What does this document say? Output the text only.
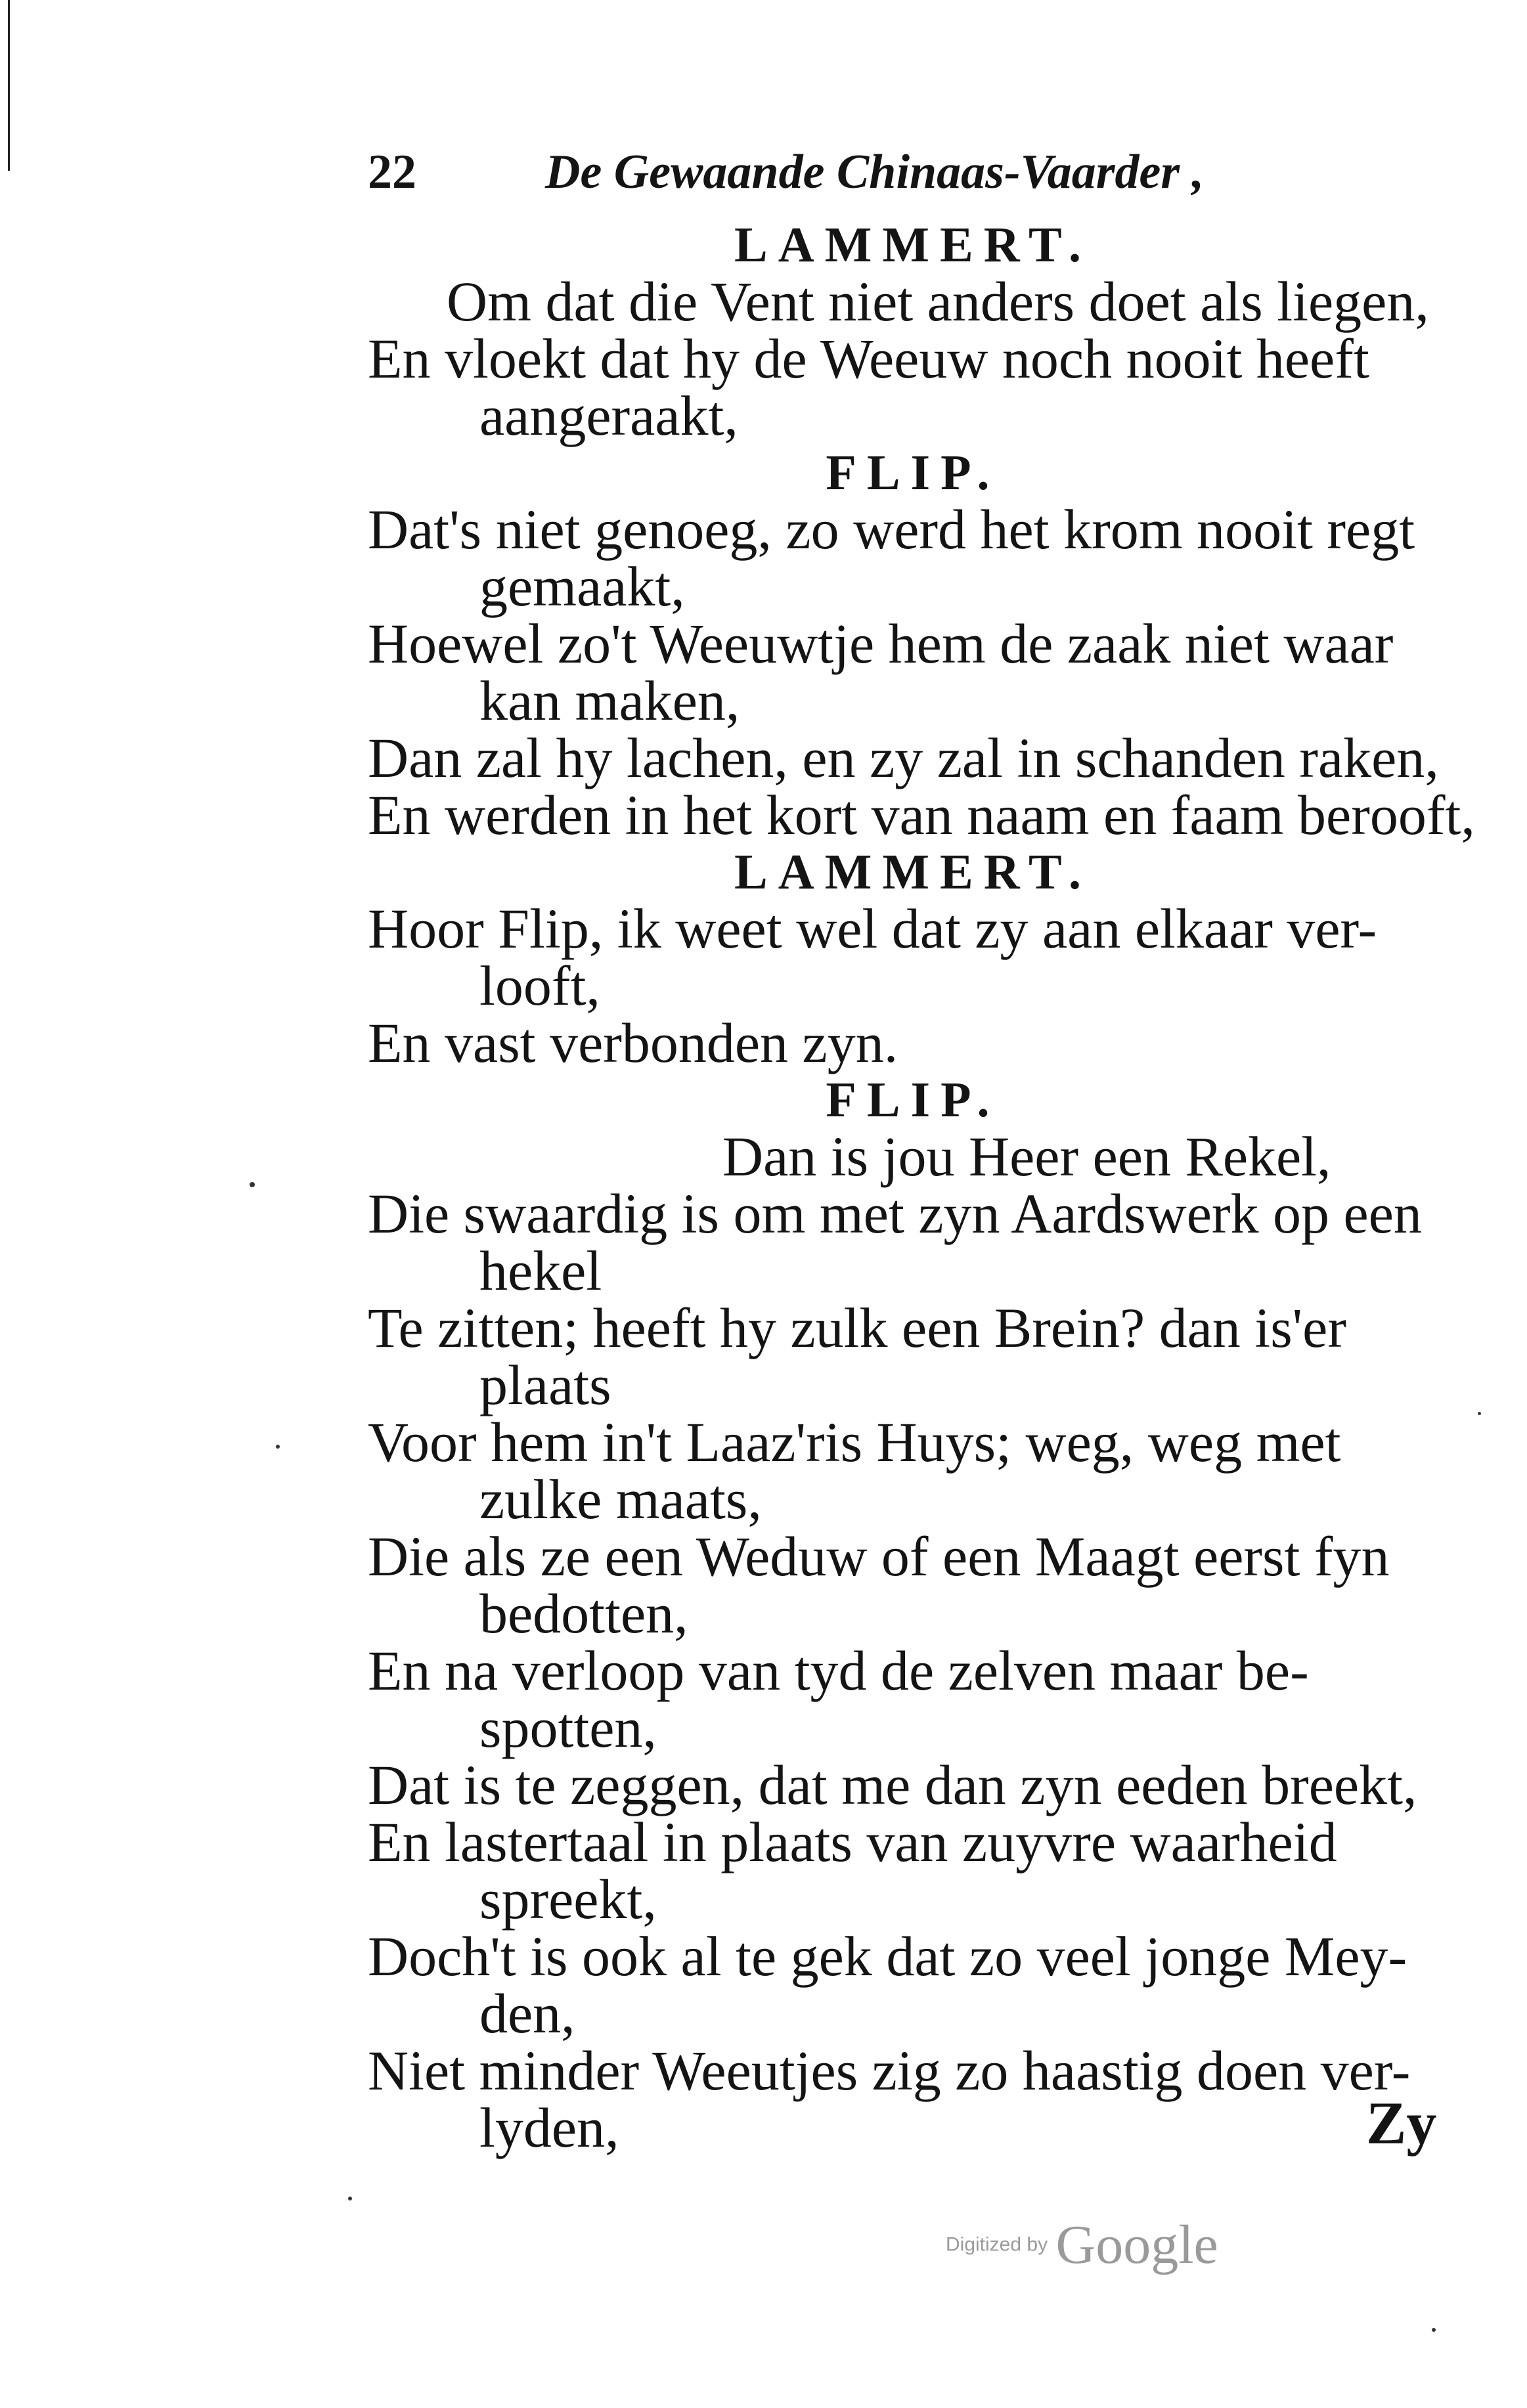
22	De Gewaande Chinaas-Vaarder ,
LAMMERT.
Om dat die Vent niet anders doet als liegen,
En vloekt dat hy de Weeuw noch nooit heeft
aangeraakt,
FLIP.
Dat's niet genoeg, zo werd het krom nooit regt
gemaakt,
Hoewel zo't Weeuwtje hem de zaak niet waar
kan maken,
Dan zal hy lachen, en zy zal in schanden raken,
En werden in het kort van naam en faam berooft,
LAMMERT.
Hoor Flip, ik weet wel dat zy aan elkaar ver-
looft,
En vast verbonden zyn.
FLIP.
Dan is jou Heer een Rekel,
Die swaardig is om met zyn Aardswerk op een
hekel
Te zitten; heeft hy zulk een Brein? dan is'er
plaats
Voor hem in't Laaz'ris Huys; weg, weg met
zulke maats,
Die als ze een Weduw of een Maagt eerst fyn
bedotten,
En na verloop van tyd de zelven maar be-
spotten,
Dat is te zeggen, dat me dan zyn eeden breekt,
En lastertaal in plaats van zuyvre waarheid
spreekt,
Doch't is ook al te gek dat zo veel jonge Mey-
den,
Niet minder Weeutjes zig zo haastig doen ver-
lyden,	Zy
Digitized by Google
